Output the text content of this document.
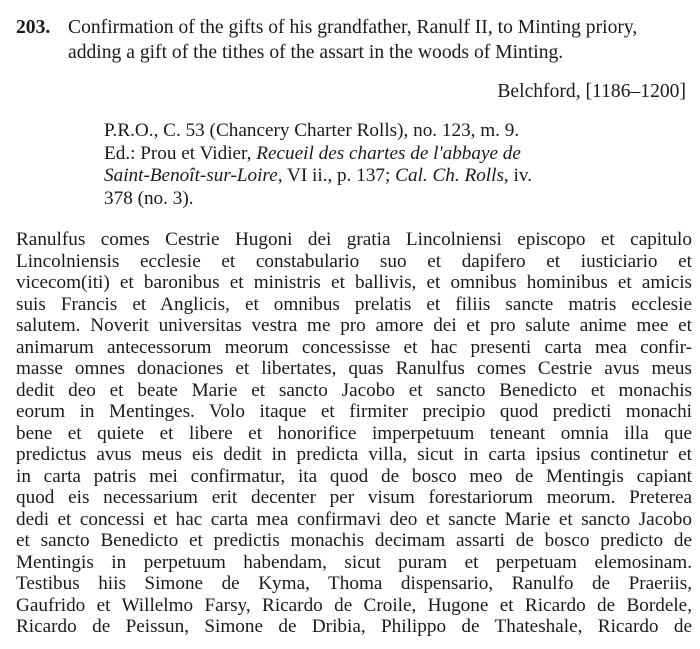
203. Confirmation of the gifts of his grandfather, Ranulf II, to Minting priory,
adding a gift of the tithes of the assart in the woods of Minting.
Belchford, [1186–1200]
P.R.O., C. 53 (Chancery Charter Rolls), no. 123, m. 9.
Ed.: Prou et Vidier, Recueil des chartes de l'abbaye de
Saint-Benoît-sur-Loire, VI ii., p. 137; Cal. Ch. Rolls, iv.
378 (no. 3).
Ranulfus comes Cestrie Hugoni dei gratia Lincolniensi episcopo et capitulo
Lincolniensis ecclesie et constabulario suo et dapifero et iusticiario et
vicecom(iti) et baronibus et ministris et ballivis, et omnibus hominibus et amicis
suis Francis et Anglicis, et omnibus prelatis et filiis sancte matris ecclesie
salutem. Noverit universitas vestra me pro amore dei et pro salute anime mee et
animarum antecessorum meorum concessisse et hac presenti carta mea confir-
masse omnes donaciones et libertates, quas Ranulfus comes Cestrie avus meus
dedit deo et beate Marie et sancto Jacobo et sancto Benedicto et monachis
eorum in Mentinges. Volo itaque et firmiter precipio quod predicti monachi
bene et quiete et libere et honorifice imperpetuum teneant omnia illa que
predictus avus meus eis dedit in predicta villa, sicut in carta ipsius continetur et
in carta patris mei confirmatur, ita quod de bosco meo de Mentingis capiant
quod eis necessarium erit decenter per visum forestariorum meorum. Preterea
dedi et concessi et hac carta mea confirmavi deo et sancte Marie et sancto Jacobo
et sancto Benedicto et predictis monachis decimam assarti de bosco predicto de
Mentingis in perpetuum habendam, sicut puram et perpetuam elemosinam.
Testibus hiis Simone de Kyma, Thoma dispensario, Ranulfo de Praeriis,
Gaufrido et Willelmo Farsy, Ricardo de Croile, Hugone et Ricardo de Bordele,
Ricardo de Peissun, Simone de Dribia, Philippo de Thateshale, Ricardo de
